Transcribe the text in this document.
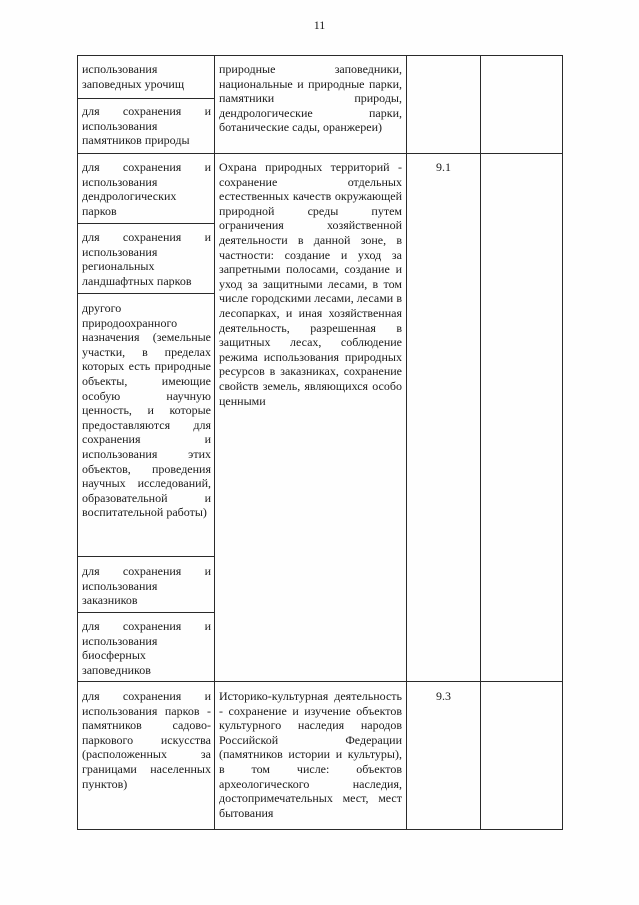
11
использования заповедных урочищ
для сохранения и использования памятников природы
для сохранения и использования дендрологических парков
для сохранения и использования региональных ландшафтных парков
другого природоохранного назначения (земельные участки, в пределах которых есть природные объекты, имеющие особую научную ценность, и которые предоставляются для сохранения и использования этих объектов, проведения научных исследований, образовательной и воспитательной работы)
для сохранения и использования заказников
для сохранения и использования биосферных заповедников
для сохранения и использования парков - памятников садово-паркового искусства (расположенных за границами населенных пунктов)
природные заповедники, национальные и природные парки, памятники природы, дендрологические парки, ботанические сады, оранжереи)
Охрана природных территорий - сохранение отдельных естественных качеств окружающей природной среды путем ограничения хозяйственной деятельности в данной зоне, в частности: создание и уход за запретными полосами, создание и уход за защитными лесами, в том числе городскими лесами, лесами в лесопарках, и иная хозяйственная деятельность, разрешенная в защитных лесах, соблюдение режима использования природных ресурсов в заказниках, сохранение свойств земель, являющихся особо ценными
Историко-культурная деятельность - сохранение и изучение объектов культурного наследия народов Российской Федерации (памятников истории и культуры), в том числе: объектов археологического наследия, достопримечательных мест, мест бытования
9.1
9.3
